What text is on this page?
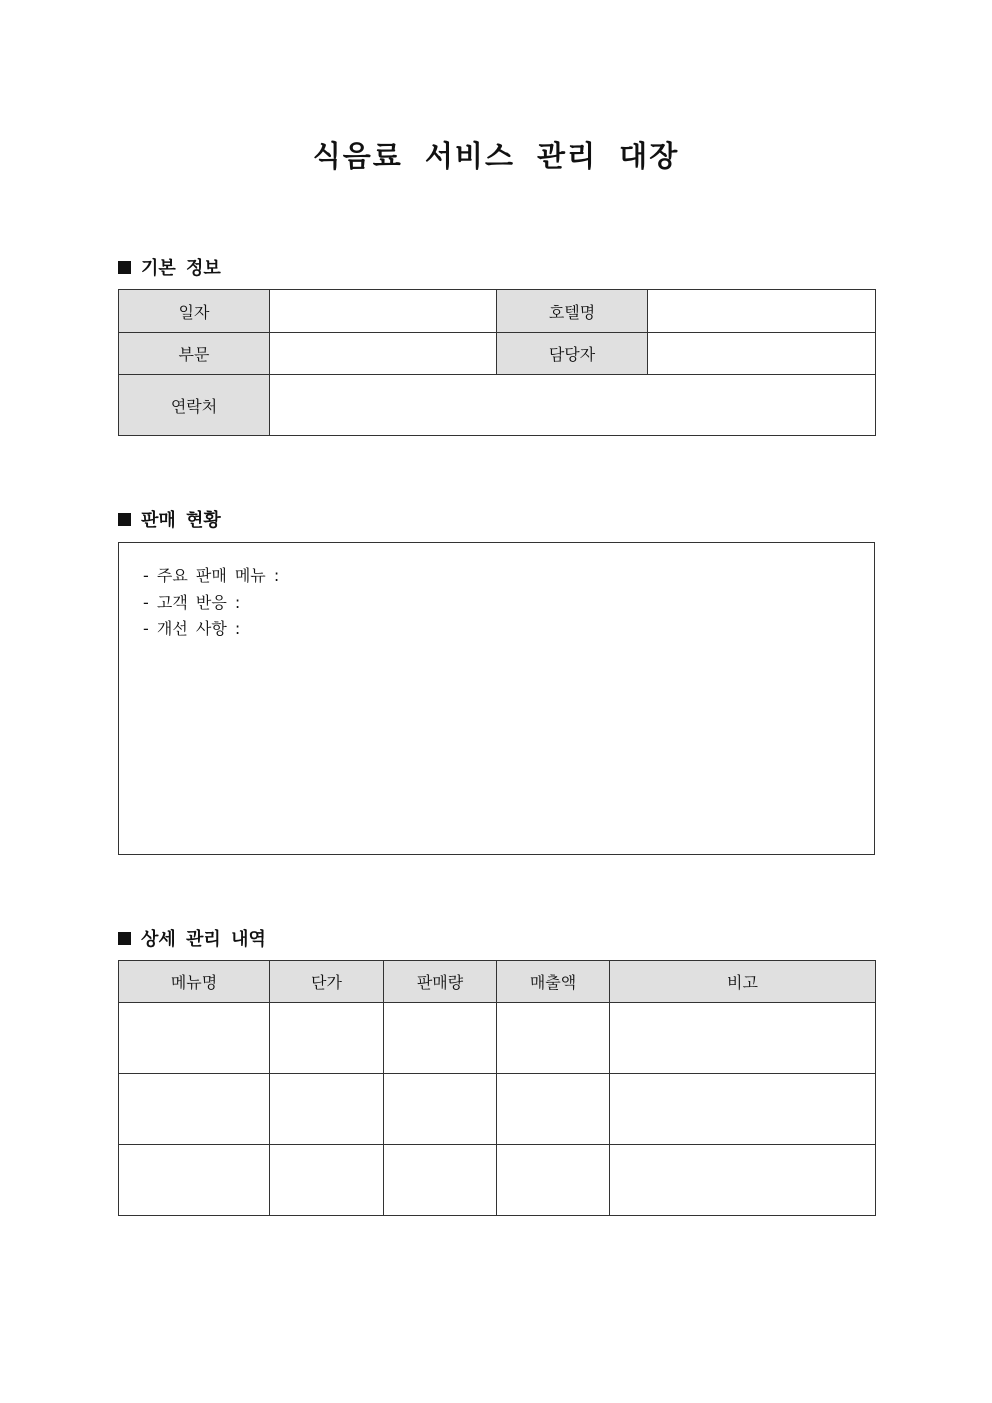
식음료 서비스 관리 대장
기본 정보
일자		호텔명	
부문		담당자	
연락처			
판매 현황
- 주요 판매 메뉴 :
- 고객 반응 :
- 개선 사항 :
상세 관리 내역
메뉴명	단가	판매량	매출액	비고
